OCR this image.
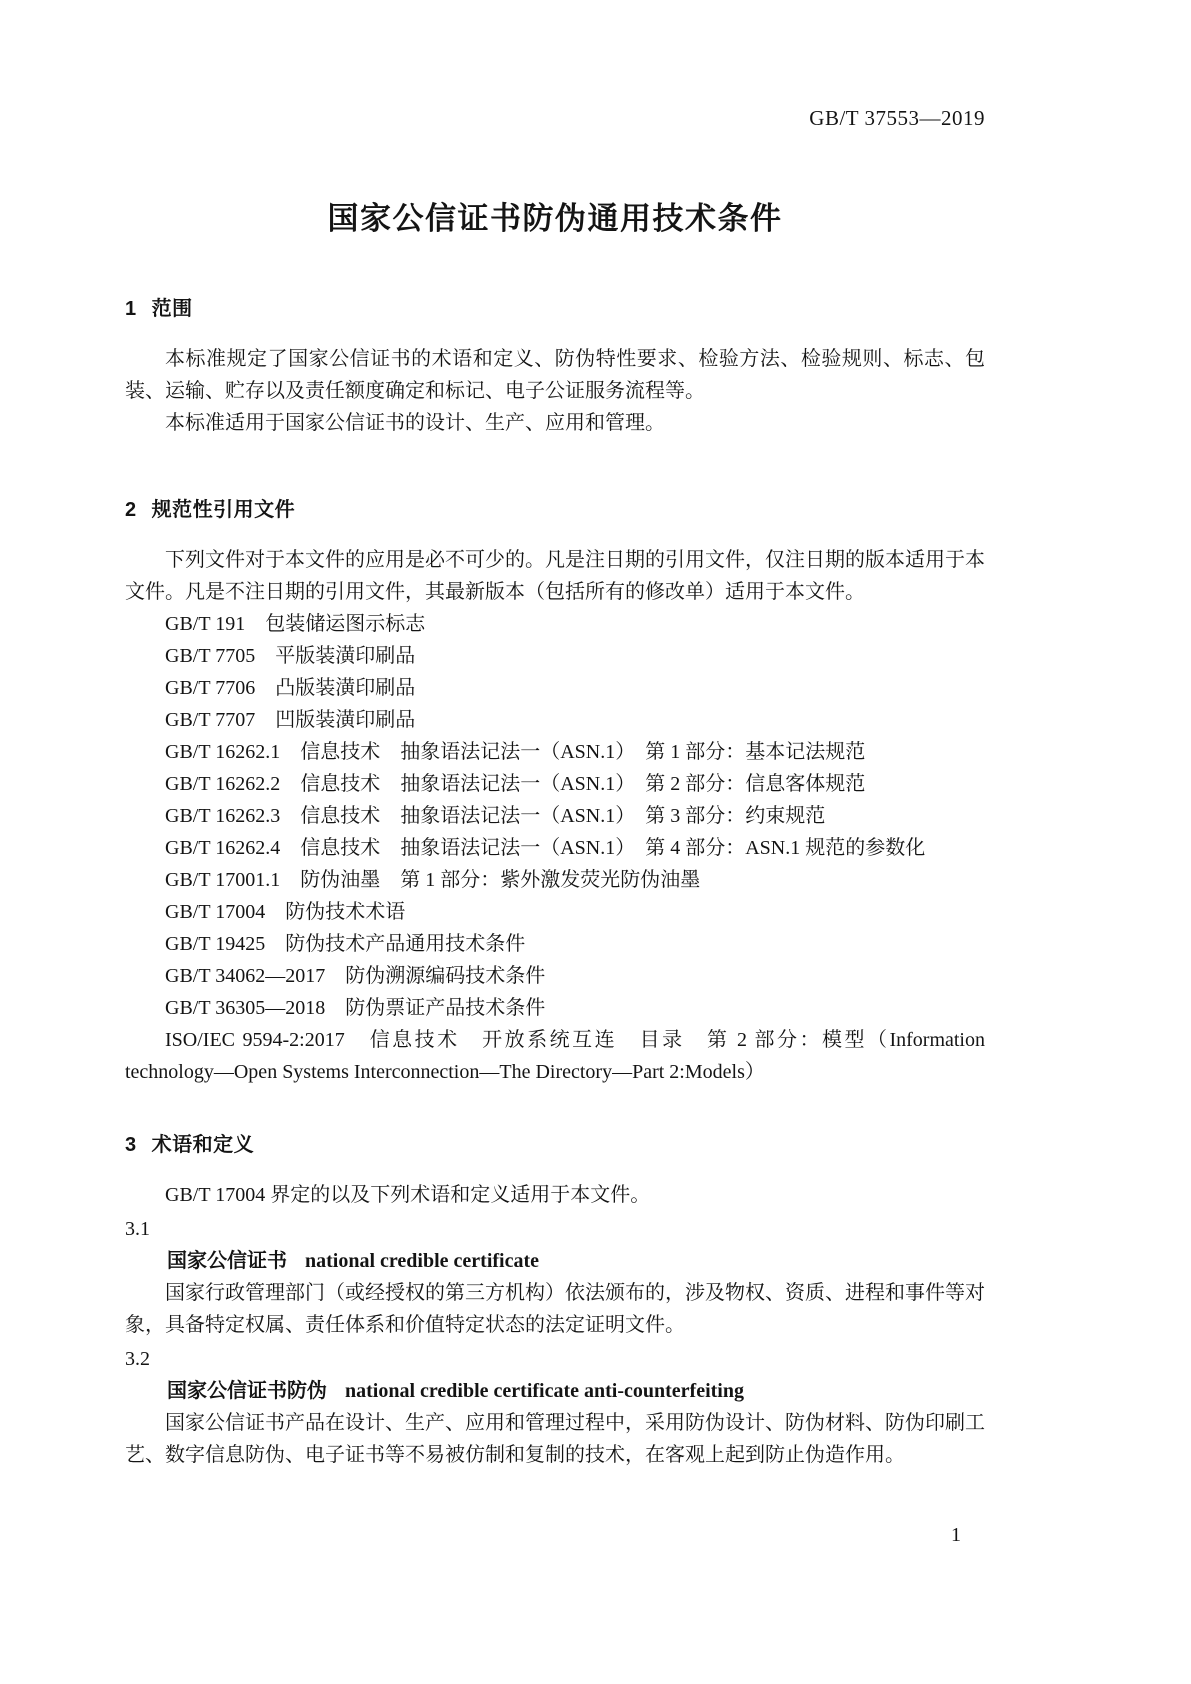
GB/T 37553—2019
国家公信证书防伪通用技术条件
1 范围

本标准规定了国家公信证书的术语和定义、防伪特性要求、检验方法、检验规则、标志、包装、运输、贮存以及责任额度确定和标记、电子公证服务流程等。

本标准适用于国家公信证书的设计、生产、应用和管理。

2 规范性引用文件

下列文件对于本文件的应用是必不可少的。凡是注日期的引用文件，仅注日期的版本适用于本文件。凡是不注日期的引用文件，其最新版本（包括所有的修改单）适用于本文件。

GB/T 191　包装储运图示标志

GB/T 7705　平版装潢印刷品

GB/T 7706　凸版装潢印刷品

GB/T 7707　凹版装潢印刷品

GB/T 16262.1　信息技术　抽象语法记法一（ASN.1）　第 1 部分：基本记法规范

GB/T 16262.2　信息技术　抽象语法记法一（ASN.1）　第 2 部分：信息客体规范

GB/T 16262.3　信息技术　抽象语法记法一（ASN.1）　第 3 部分：约束规范

GB/T 16262.4　信息技术　抽象语法记法一（ASN.1）　第 4 部分：ASN.1 规范的参数化

GB/T 17001.1　防伪油墨　第 1 部分：紫外激发荧光防伪油墨

GB/T 17004　防伪技术术语

GB/T 19425　防伪技术产品通用技术条件

GB/T 34062—2017　防伪溯源编码技术条件

GB/T 36305—2018　防伪票证产品技术条件

ISO/IEC 9594-2:2017　信息技术　开放系统互连　目录　第 2 部分：模型（Information technology—Open Systems Interconnection—The Directory—Part 2:Models）

3 术语和定义

GB/T 17004 界定的以及下列术语和定义适用于本文件。

3.1

国家公信证书 national credible certificate

国家行政管理部门（或经授权的第三方机构）依法颁布的，涉及物权、资质、进程和事件等对象，具备特定权属、责任体系和价值特定状态的法定证明文件。

3.2

国家公信证书防伪 national credible certificate anti-counterfeiting

国家公信证书产品在设计、生产、应用和管理过程中，采用防伪设计、防伪材料、防伪印刷工艺、数字信息防伪、电子证书等不易被仿制和复制的技术，在客观上起到防止伪造作用。

1
